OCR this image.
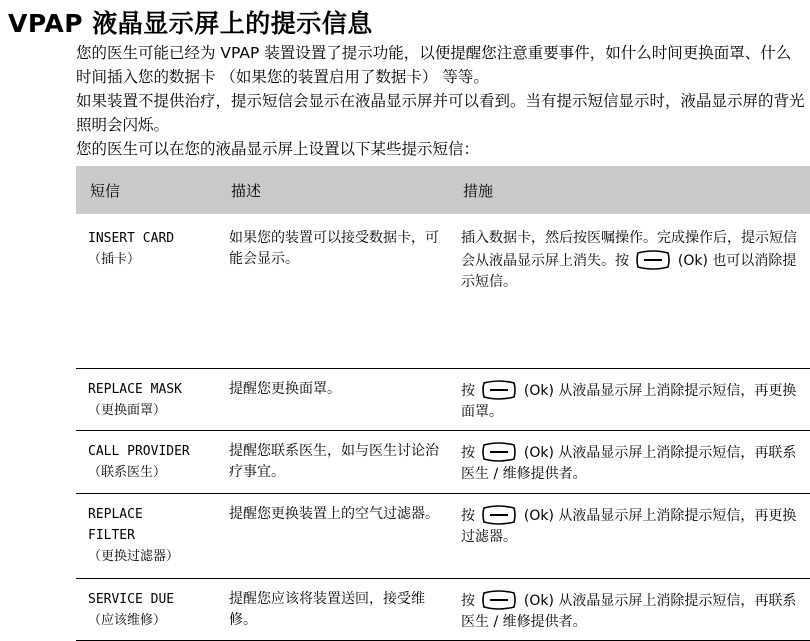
VPAP 液晶显示屏上的提示信息

您的医生可能已经为 VPAP 装置设置了提示功能，以便提醒您注意重要事件，如什么时间更换面罩、什么时间插入您的数据卡 （如果您的装置启用了数据卡） 等等。

如果装置不提供治疗，提示短信会显示在液晶显示屏并可以看到。当有提示短信显示时，液晶显示屏的背光照明会闪烁。

您的医生可以在您的液晶显示屏上设置以下某些提示短信：

短信	描述	措施

INSERT CARD
（插卡）	如果您的装置可以接受数据卡，可能会显示。	插入数据卡，然后按医嘱操作。完成操作后，提示短信会从液晶显示屏上消失。按 (Ok) 也可以消除提示短信。

REPLACE MASK
（更换面罩）	提醒您更换面罩。	按 (Ok) 从液晶显示屏上消除提示短信，再更换面罩。

CALL PROVIDER
（联系医生）	提醒您联系医生，如与医生讨论治疗事宜。	按 (Ok) 从液晶显示屏上消除提示短信，再联系医生 / 维修提供者。

REPLACE FILTER
（更换过滤器）	提醒您更换装置上的空气过滤器。	按 (Ok) 从液晶显示屏上消除提示短信，再更换过滤器。

SERVICE DUE
（应该维修）	提醒您应该将装置送回，接受维修。	按 (Ok) 从液晶显示屏上消除提示短信，再联系医生 / 维修提供者。
